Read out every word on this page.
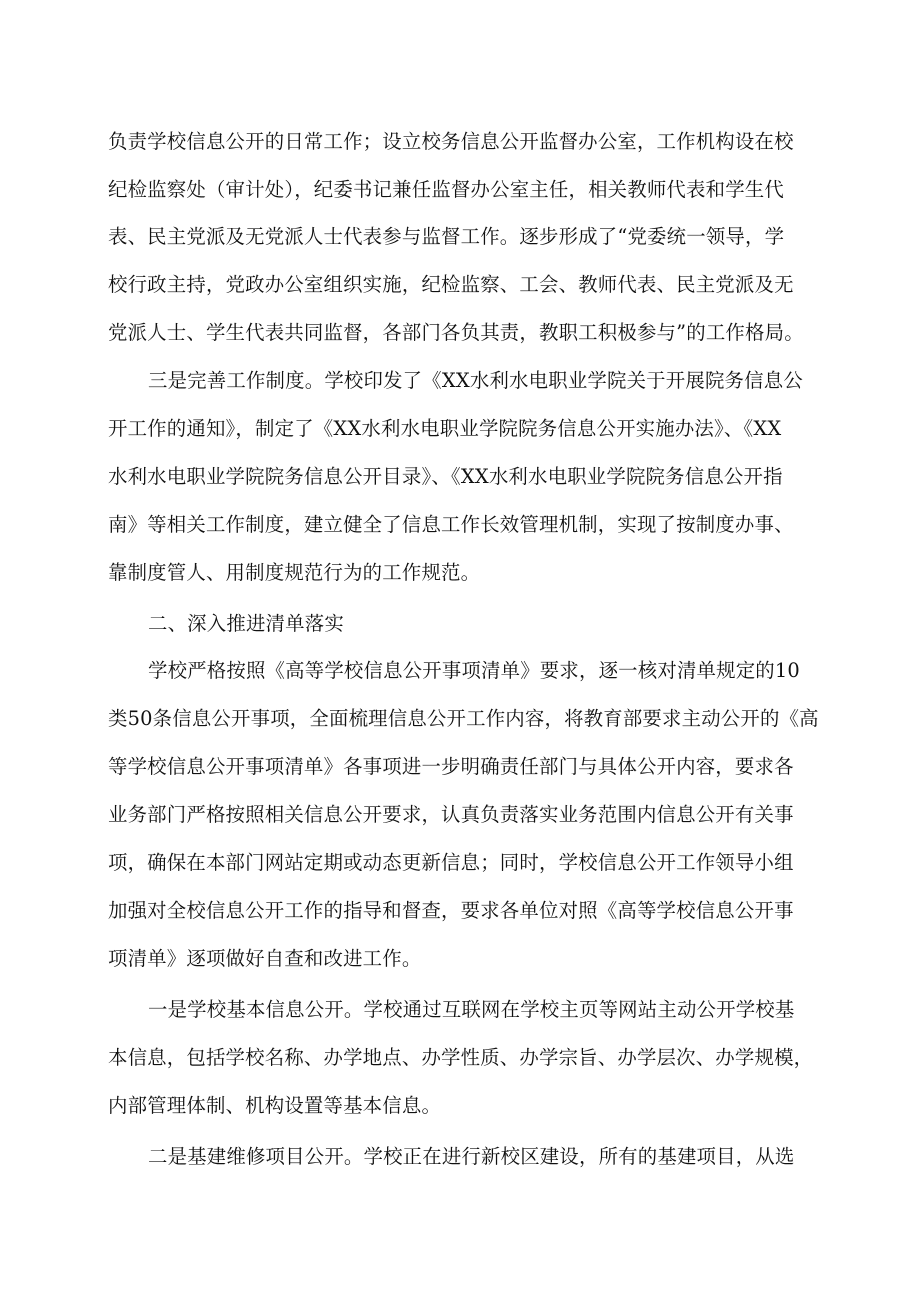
负责学校信息公开的日常工作；设立校务信息公开监督办公室，工作机构设在校
纪检监察处（审计处），纪委书记兼任监督办公室主任，相关教师代表和学生代
表、民主党派及无党派人士代表参与监督工作。逐步形成了“党委统一领导，学
校行政主持，党政办公室组织实施，纪检监察、工会、教师代表、民主党派及无
党派人士、学生代表共同监督，各部门各负其责，教职工积极参与”的工作格局。
三是完善工作制度。学校印发了《XX水利水电职业学院关于开展院务信息公
开工作的通知》，制定了《XX水利水电职业学院院务信息公开实施办法》、《XX
水利水电职业学院院务信息公开目录》、《XX水利水电职业学院院务信息公开指
南》等相关工作制度，建立健全了信息工作长效管理机制，实现了按制度办事、
靠制度管人、用制度规范行为的工作规范。
二、深入推进清单落实
学校严格按照《高等学校信息公开事项清单》要求，逐一核对清单规定的10
类50条信息公开事项，全面梳理信息公开工作内容，将教育部要求主动公开的《高
等学校信息公开事项清单》各事项进一步明确责任部门与具体公开内容，要求各
业务部门严格按照相关信息公开要求，认真负责落实业务范围内信息公开有关事
项，确保在本部门网站定期或动态更新信息；同时，学校信息公开工作领导小组
加强对全校信息公开工作的指导和督查，要求各单位对照《高等学校信息公开事
项清单》逐项做好自查和改进工作。
一是学校基本信息公开。学校通过互联网在学校主页等网站主动公开学校基
本信息，包括学校名称、办学地点、办学性质、办学宗旨、办学层次、办学规模，
内部管理体制、机构设置等基本信息。
二是基建维修项目公开。学校正在进行新校区建设，所有的基建项目，从选
